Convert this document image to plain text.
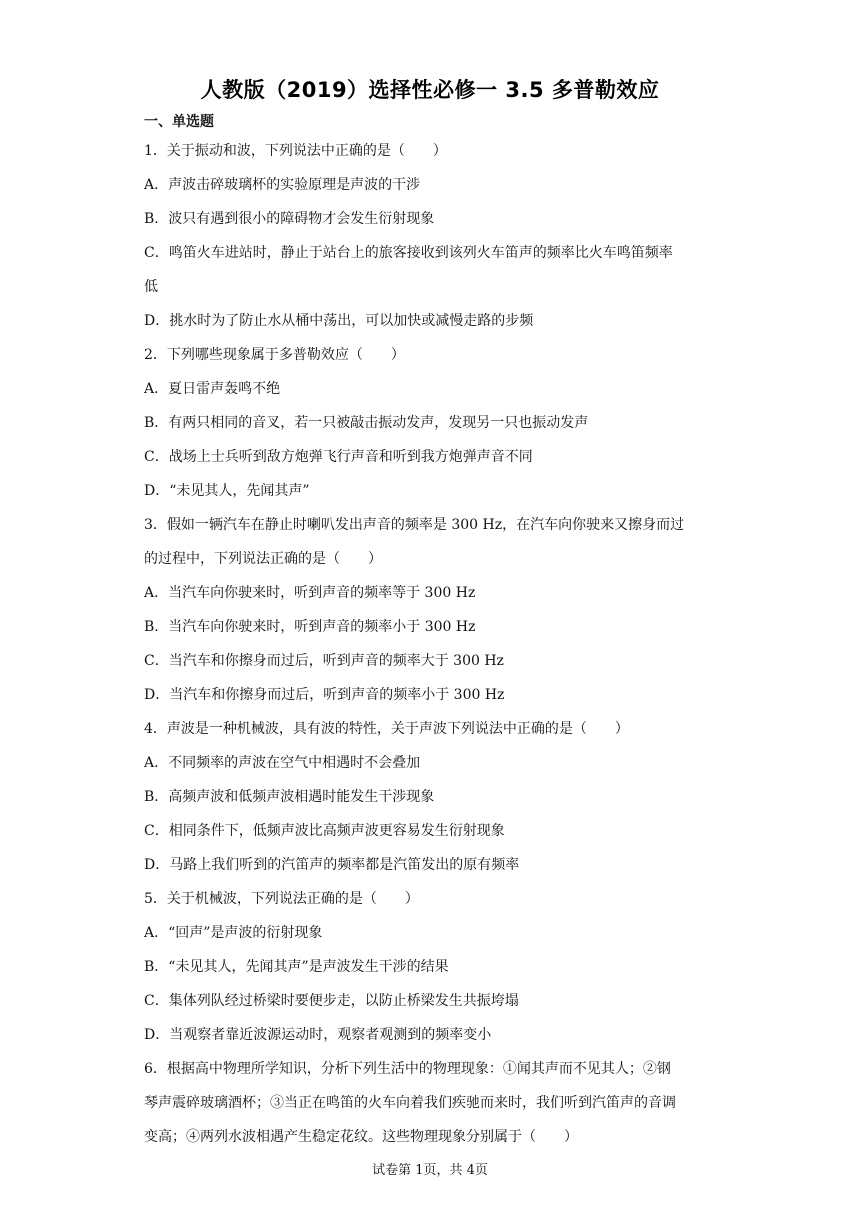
人教版（2019）选择性必修一 3.5 多普勒效应
一、单选题
1．关于振动和波，下列说法中正确的是（　　）
A．声波击碎玻璃杯的实验原理是声波的干涉
B．波只有遇到很小的障碍物才会发生衍射现象
C．鸣笛火车进站时，静止于站台上的旅客接收到该列火车笛声的频率比火车鸣笛频率
低
D．挑水时为了防止水从桶中荡出，可以加快或减慢走路的步频
2．下列哪些现象属于多普勒效应（　　）
A．夏日雷声轰鸣不绝
B．有两只相同的音叉，若一只被敲击振动发声，发现另一只也振动发声
C．战场上士兵听到敌方炮弹飞行声音和听到我方炮弹声音不同
D．“未见其人，先闻其声”
3．假如一辆汽车在静止时喇叭发出声音的频率是 300 Hz，在汽车向你驶来又擦身而过
的过程中，下列说法正确的是（　　）
A．当汽车向你驶来时，听到声音的频率等于 300 Hz
B．当汽车向你驶来时，听到声音的频率小于 300 Hz
C．当汽车和你擦身而过后，听到声音的频率大于 300 Hz
D．当汽车和你擦身而过后，听到声音的频率小于 300 Hz
4．声波是一种机械波，具有波的特性，关于声波下列说法中正确的是（　　）
A．不同频率的声波在空气中相遇时不会叠加
B．高频声波和低频声波相遇时能发生干涉现象
C．相同条件下，低频声波比高频声波更容易发生衍射现象
D．马路上我们听到的汽笛声的频率都是汽笛发出的原有频率
5．关于机械波，下列说法正确的是（　　）
A．“回声”是声波的衍射现象
B．“未见其人，先闻其声”是声波发生干涉的结果
C．集体列队经过桥梁时要便步走，以防止桥梁发生共振垮塌
D．当观察者靠近波源运动时，观察者观测到的频率变小
6．根据高中物理所学知识，分析下列生活中的物理现象：①闻其声而不见其人；②钢
琴声震碎玻璃酒杯；③当正在鸣笛的火车向着我们疾驰而来时，我们听到汽笛声的音调
变高；④两列水波相遇产生稳定花纹。这些物理现象分别属于（　　）
试卷第 1页，共 4页
